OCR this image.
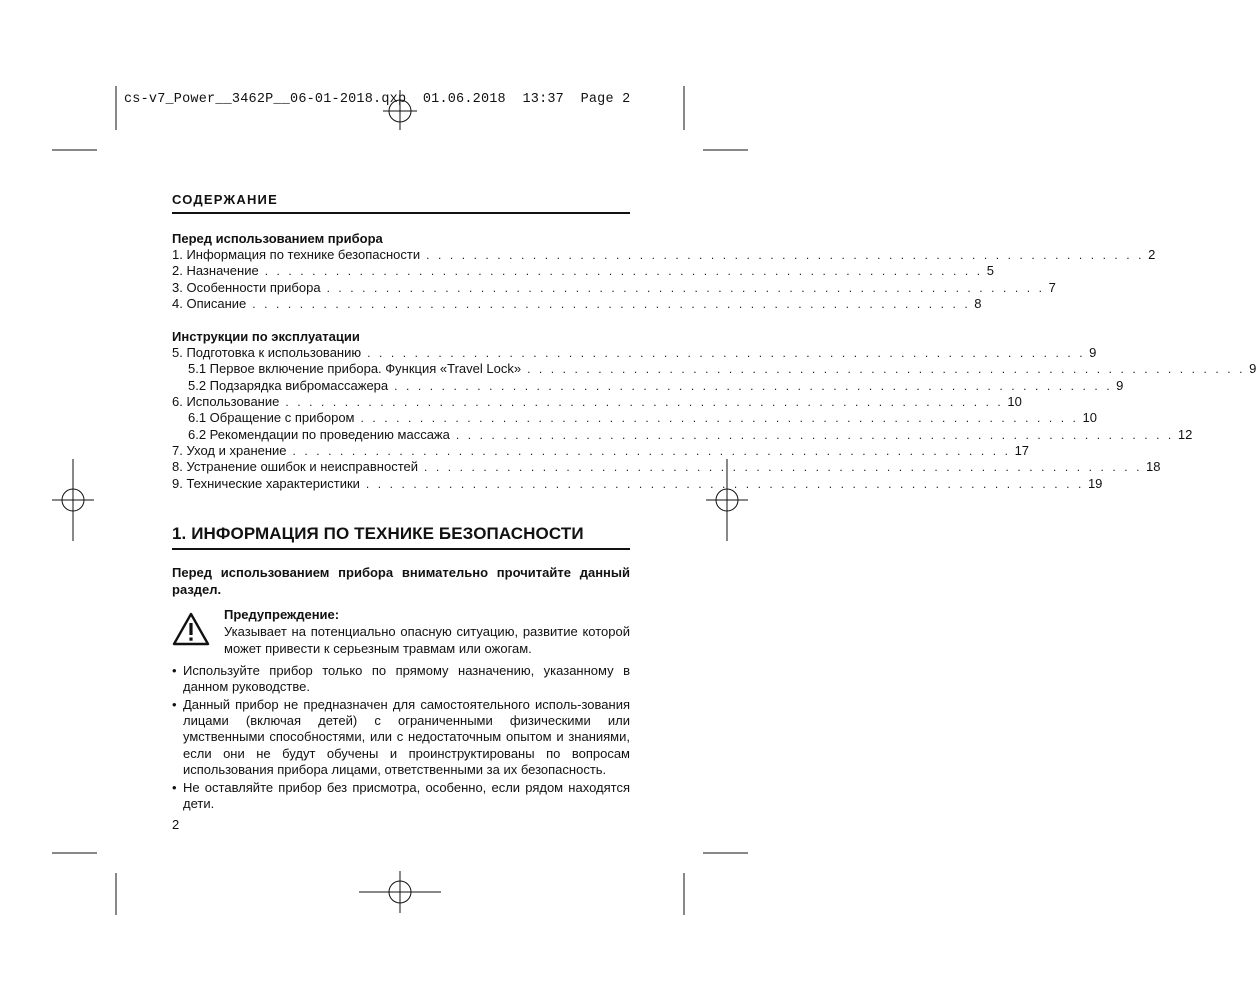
cs-v7_Power__3462P__06-01-2018.qxp  01.06.2018  13:37  Page 2
СОДЕРЖАНИЕ
Перед использованием прибора
1. Информация по технике безопасности . . . . . . . . . . . . . . . . . . . . . . . . . . . . . . . . . . . . . . . . . . . . . . . . . . . . . . . . . . . . . 2
2. Назначение . . . . . . . . . . . . . . . . . . . . . . . . . . . . . . . . . . . . . . . . . . . . . . . . . . . . . . . . . . . . . 5
3. Особенности прибора . . . . . . . . . . . . . . . . . . . . . . . . . . . . . . . . . . . . . . . . . . . . . . . . . . . . . . . . . . . . . 7
4. Описание . . . . . . . . . . . . . . . . . . . . . . . . . . . . . . . . . . . . . . . . . . . . . . . . . . . . . . . . . . . . . 8
Инструкции по эксплуатации
5. Подготовка к использованию . . . . . . . . . . . . . . . . . . . . . . . . . . . . . . . . . . . . . . . . . . . . . . . . . . . . . . . . . . . . . 9
5.1 Первое включение прибора. Функция «Travel Lock» . . . . . . . . . . . . . . . . . . . . . . . . . . . . . . . . . . . . . . . . . . . . . . . . . . . . . . . . . . . . . 9
5.2 Подзарядка вибромассажера . . . . . . . . . . . . . . . . . . . . . . . . . . . . . . . . . . . . . . . . . . . . . . . . . . . . . . . . . . . . . 9
6. Использование . . . . . . . . . . . . . . . . . . . . . . . . . . . . . . . . . . . . . . . . . . . . . . . . . . . . . . . . . . . . . 10
6.1 Обращение с прибором . . . . . . . . . . . . . . . . . . . . . . . . . . . . . . . . . . . . . . . . . . . . . . . . . . . . . . . . . . . . . 10
6.2 Рекомендации по проведению массажа . . . . . . . . . . . . . . . . . . . . . . . . . . . . . . . . . . . . . . . . . . . . . . . . . . . . . . . . . . . . . 12
7. Уход и хранение . . . . . . . . . . . . . . . . . . . . . . . . . . . . . . . . . . . . . . . . . . . . . . . . . . . . . . . . . . . . . 17
8. Устранение ошибок и неисправностей . . . . . . . . . . . . . . . . . . . . . . . . . . . . . . . . . . . . . . . . . . . . . . . . . . . . . . . . . . . . . 18
9. Технические характеристики . . . . . . . . . . . . . . . . . . . . . . . . . . . . . . . . . . . . . . . . . . . . . . . . . . . . . . . . . . . . . 19
1. ИНФОРМАЦИЯ ПО ТЕХНИКЕ БЕЗОПАСНОСТИ
Перед использованием прибора внимательно прочитайте данный раздел.
Предупреждение:
Указывает на потенциально опасную ситуацию, развитие которой может привести к серьезным травмам или ожогам.
• Используйте прибор только по прямому назначению, указанному в данном руководстве.
• Данный прибор не предназначен для самостоятельного исполь-зования лицами (включая детей) с ограниченными физическими или умственными способностями, или с недостаточным опытом и знаниями, если они не будут обучены и проинструктированы по вопросам использования прибора лицами, ответственными за их безопасность.
• Не оставляйте прибор без присмотра, особенно, если рядом находятся дети.
2
